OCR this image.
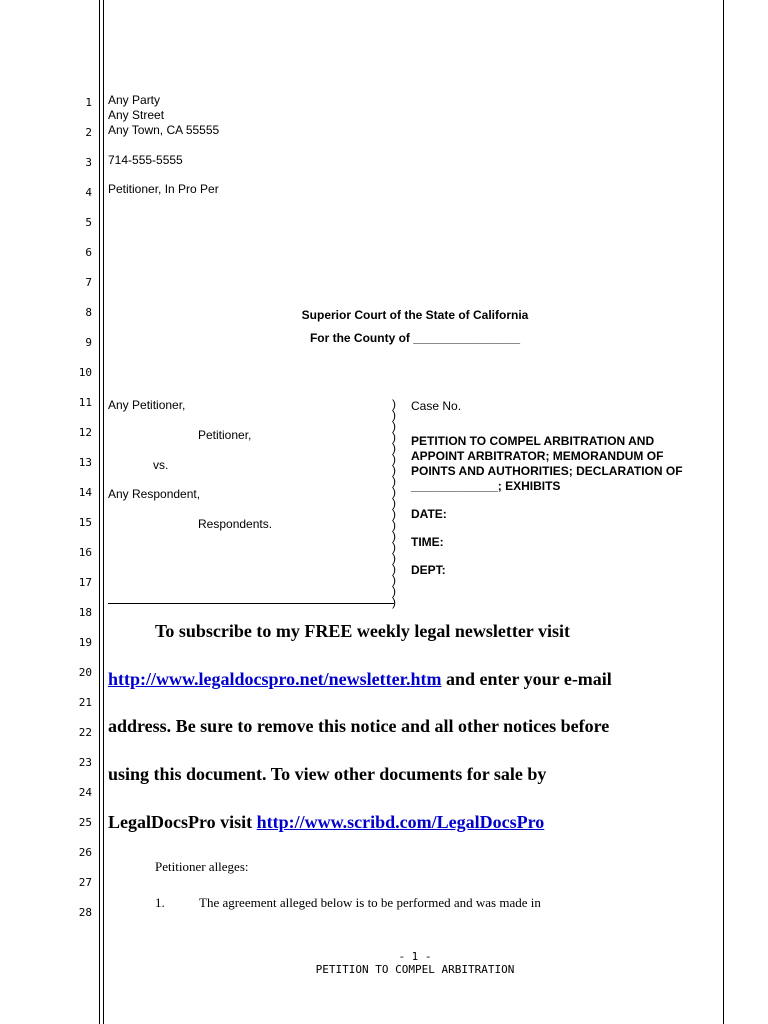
1
2
3
4
5
6
7
8
9
10
11
12
13
14
15
16
17
18
19
20
21
22
23
24
25
26
27
28
Any Party
Any Street
Any Town, CA 55555
714-555-5555
Petitioner, In Pro Per
Superior Court of the State of California
For the County of ________________
Any Petitioner,
Petitioner,
vs.
Any Respondent,
Respondents.
)
)
)
)
)
)
)
)
)
)
)
)
)
)
)
)
)
)
)
Case No.
PETITION TO COMPEL ARBITRATION AND
APPOINT ARBITRATOR; MEMORANDUM OF
POINTS AND AUTHORITIES; DECLARATION OF
_____________; EXHIBITS
DATE:
TIME:
DEPT:
To subscribe to my FREE weekly legal newsletter visit
http://www.legaldocspro.net/newsletter.htm and enter your e-mail
address. Be sure to remove this notice and all other notices before
using this document. To view other documents for sale by
LegalDocsPro visit http://www.scribd.com/LegalDocsPro
Petitioner alleges:
1.	The agreement alleged below is to be performed and was made in
- 1 -
PETITION TO COMPEL ARBITRATION
